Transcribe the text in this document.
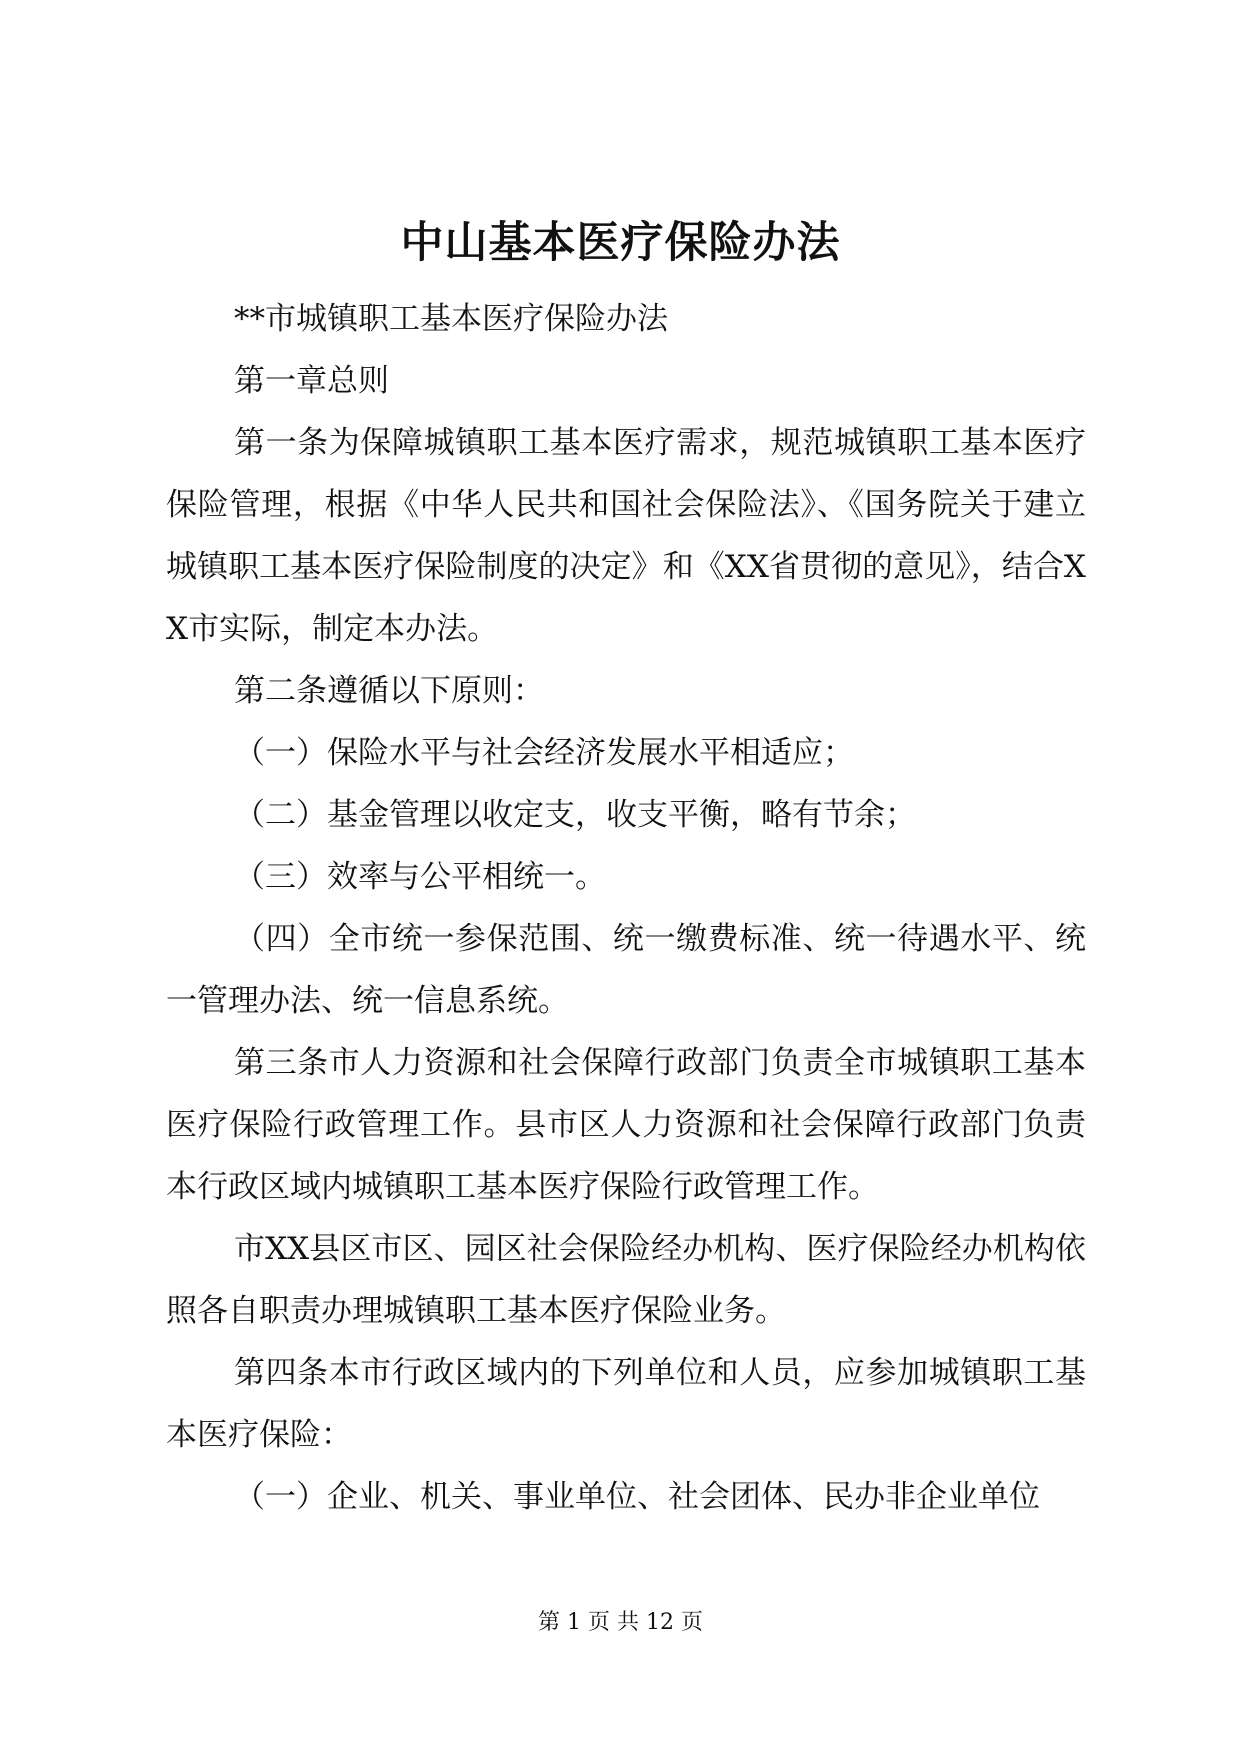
中山基本医疗保险办法

**市城镇职工基本医疗保险办法

第一章总则

第一条为保障城镇职工基本医疗需求，规范城镇职工基本医疗保险管理，根据《中华人民共和国社会保险法》、《国务院关于建立城镇职工基本医疗保险制度的决定》和《XX省贯彻的意见》，结合XX市实际，制定本办法。

第二条遵循以下原则：

（一）保险水平与社会经济发展水平相适应；

（二）基金管理以收定支，收支平衡，略有节余；

（三）效率与公平相统一。

（四）全市统一参保范围、统一缴费标准、统一待遇水平、统一管理办法、统一信息系统。

第三条市人力资源和社会保障行政部门负责全市城镇职工基本医疗保险行政管理工作。县市区人力资源和社会保障行政部门负责本行政区域内城镇职工基本医疗保险行政管理工作。

市XX县区市区、园区社会保险经办机构、医疗保险经办机构依照各自职责办理城镇职工基本医疗保险业务。

第四条本市行政区域内的下列单位和人员，应参加城镇职工基本医疗保险：

（一）企业、机关、事业单位、社会团体、民办非企业单位

第 1 页 共 12 页
